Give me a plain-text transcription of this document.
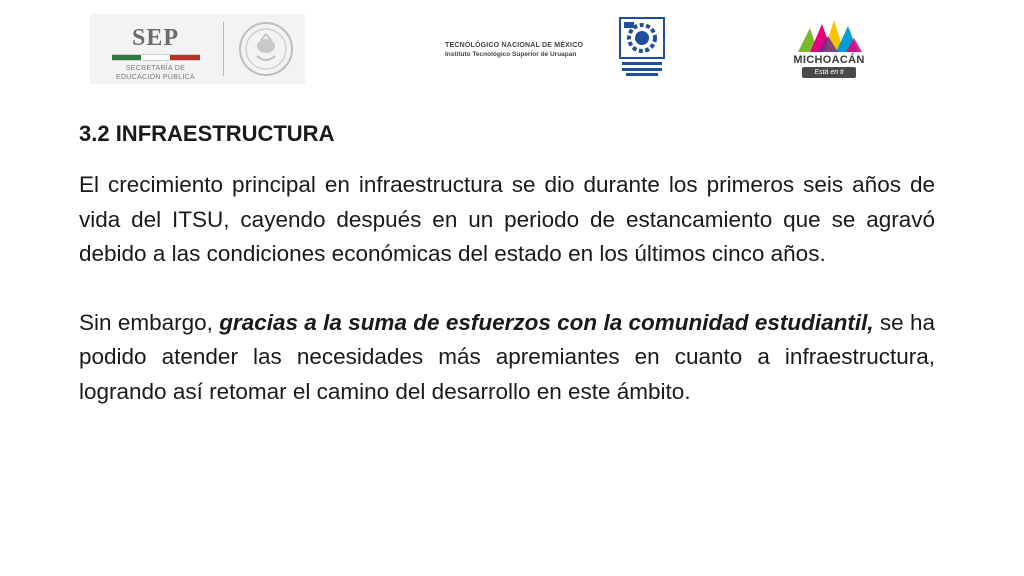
SEP
SECRETARÍA DE
EDUCACIÓN PÚBLICA
TECNOLÓGICO NACIONAL DE MÉXICO
Instituto Tecnológico Superior de Uruapan	MICHOACÁN
Está en ti
3.2 INFRAESTRUCTURA

El crecimiento principal en infraestructura se dio durante los primeros seis años de vida del ITSU, cayendo después en un periodo de estancamiento que se agravó debido a las condiciones económicas del estado en los últimos cinco años.

Sin embargo, gracias a la suma de esfuerzos con la comunidad estudiantil, se ha podido atender las necesidades más apremiantes en cuanto a infraestructura, logrando así retomar el camino del desarrollo en este ámbito.
